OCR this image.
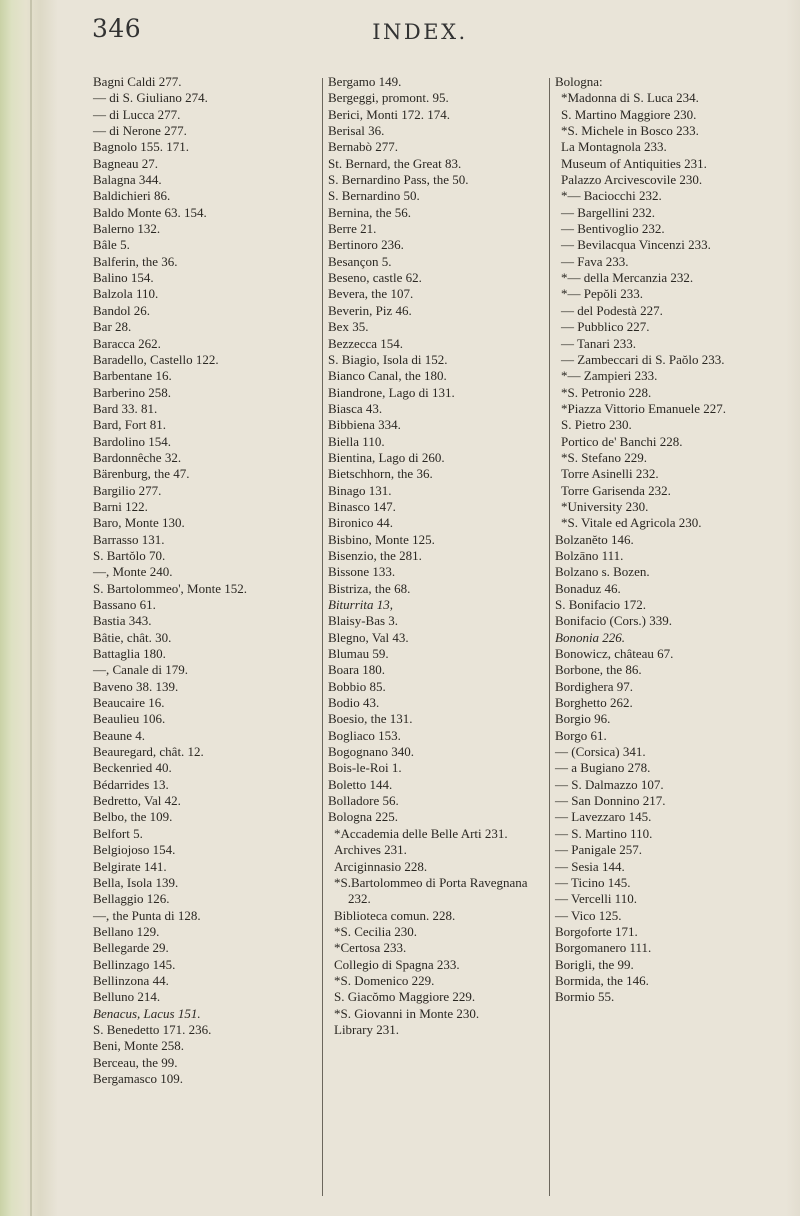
346	INDEX.
Bagni Caldi 277.
— di S. Giuliano 274.
— di Lucca 277.
— di Nerone 277.
Bagnolo 155. 171.
Bagneau 27.
Balagna 344.
Baldichieri 86.
Baldo Monte 63. 154.
Balerno 132.
Bâle 5.
Balferin, the 36.
Balino 154.
Balzola 110.
Bandol 26.
Bar 28.
Baracca 262.
Baradello, Castello 122.
Barbentane 16.
Barberino 258.
Bard 33. 81.
Bard, Fort 81.
Bardolino 154.
Bardonnêche 32.
Bärenburg, the 47.
Bargilio 277.
Barni 122.
Baro, Monte 130.
Barrasso 131.
S. Bartŏlo 70.
—, Monte 240.
S. Bartolommeo', Monte 152.
Bassano 61.
Bastia 343.
Bâtie, chât. 30.
Battaglia 180.
—, Canale di 179.
Baveno 38. 139.
Beaucaire 16.
Beaulieu 106.
Beaune 4.
Beauregard, chât. 12.
Beckenried 40.
Bédarrides 13.
Bedretto, Val 42.
Belbo, the 109.
Belfort 5.
Belgiojoso 154.
Belgirate 141.
Bella, Isola 139.
Bellaggio 126.
—, the Punta di 128.
Bellano 129.
Bellegarde 29.
Bellinzago 145.
Bellinzona 44.
Belluno 214.
Benacus, Lacus 151.
S. Benedetto 171. 236.
Beni, Monte 258.
Berceau, the 99.
Bergamasco 109.
Bergamo 149.
Bergeggi, promont. 95.
Berici, Monti 172. 174.
Berisal 36.
Bernabò 277.
St. Bernard, the Great 83.
S. Bernardino Pass, the 50.
S. Bernardino 50.
Bernina, the 56.
Berre 21.
Bertinoro 236.
Besançon 5.
Beseno, castle 62.
Bevera, the 107.
Beverin, Piz 46.
Bex 35.
Bezzecca 154.
S. Biagio, Isola di 152.
Bianco Canal, the 180.
Biandrone, Lago di 131.
Biasca 43.
Bibbiena 334.
Biella 110.
Bientina, Lago di 260.
Bietschhorn, the 36.
Binago 131.
Binasco 147.
Bironico 44.
Bisbino, Monte 125.
Bisenzio, the 281.
Bissone 133.
Bistriza, the 68.
Biturrita 13,
Blaisy-Bas 3.
Blegno, Val 43.
Blumau 59.
Boara 180.
Bobbio 85.
Bodio 43.
Boesio, the 131.
Bogliaco 153.
Bogognano 340.
Bois-le-Roi 1.
Boletto 144.
Bolladore 56.
Bologna 225.
*Accademia delle Belle Arti 231.
Archives 231.
Arciginnasio 228.
*S.Bartolommeo di Porta Ravegnana 232.
Biblioteca comun. 228.
*S. Cecilia 230.
*Certosa 233.
Collegio di Spagna 233.
*S. Domenico 229.
S. Giacŏmo Maggiore 229.
*S. Giovanni in Monte 230.
Library 231.
Bologna:
*Madonna di S. Luca 234.
S. Martino Maggiore 230.
*S. Michele in Bosco 233.
La Montagnola 233.
Museum of Antiquities 231.
Palazzo Arcivescovile 230.
*— Baciocchi 232.
— Bargellini 232.
— Bentivoglio 232.
— Bevilacqua Vincenzi 233.
— Fava 233.
*— della Mercanzia 232.
*— Pepŏli 233.
— del Podestà 227.
— Pubblico 227.
— Tanari 233.
— Zambeccari di S. Paŏlo 233.
*— Zampieri 233.
*S. Petronio 228.
*Piazza Vittorio Emanuele 227.
S. Pietro 230.
Portico de' Banchi 228.
*S. Stefano 229.
Torre Asinelli 232.
Torre Garisenda 232.
*University 230.
*S. Vitale ed Agricola 230.
Bolzanĕto 146.
Bolzāno 111.
Bolzano s. Bozen.
Bonaduz 46.
S. Bonifacio 172.
Bonifacio (Cors.) 339.
Bononia 226.
Bonowicz, château 67.
Borbone, the 86.
Bordighera 97.
Borghetto 262.
Borgio 96.
Borgo 61.
— (Corsica) 341.
— a Bugiano 278.
— S. Dalmazzo 107.
— San Donnino 217.
— Lavezzaro 145.
— S. Martino 110.
— Panigale 257.
— Sesia 144.
— Ticino 145.
— Vercelli 110.
— Vico 125.
Borgoforte 171.
Borgomanero 111.
Borigli, the 99.
Bormida, the 146.
Bormio 55.
